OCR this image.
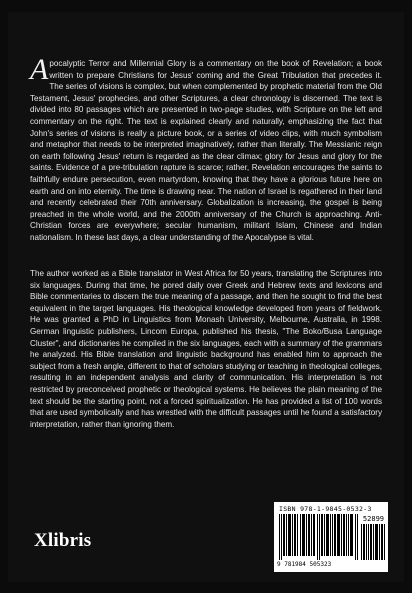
Apocalyptic Terror and Millennial Glory is a commentary on the book of Revelation; a book written to prepare Christians for Jesus' coming and the Great Tribulation that precedes it. The series of visions is complex, but when complemented by prophetic material from the Old Testament, Jesus' prophecies, and other Scriptures, a clear chronology is discerned. The text is divided into 80 passages which are presented in two-page studies, with Scripture on the left and commentary on the right. The text is explained clearly and naturally, emphasizing the fact that John's series of visions is really a picture book, or a series of video clips, with much symbolism and metaphor that needs to be interpreted imaginatively, rather than literally. The Messianic reign on earth following Jesus' return is regarded as the clear climax; glory for Jesus and glory for the saints. Evidence of a pre-tribulation rapture is scarce; rather, Revelation encourages the saints to faithfully endure persecution, even martyrdom, knowing that they have a glorious future here on earth and on into eternity. The time is drawing near. The nation of Israel is regathered in their land and recently celebrated their 70th anniversary. Globalization is increasing, the gospel is being preached in the whole world, and the 2000th anniversary of the Church is approaching. Anti-Christian forces are everywhere; secular humanism, militant Islam, Chinese and Indian nationalism. In these last days, a clear understanding of the Apocalypse is vital.
The author worked as a Bible translator in West Africa for 50 years, translating the Scriptures into six languages. During that time, he pored daily over Greek and Hebrew texts and lexicons and Bible commentaries to discern the true meaning of a passage, and then he sought to find the best equivalent in the target languages. His theological knowledge developed from years of fieldwork. He was granted a PhD in Linguistics from Monash University, Melbourne, Australia, in 1998. German linguistic publishers, Lincom Europa, published his thesis, "The Boko/Busa Language Cluster", and dictionaries he compiled in the six languages, each with a summary of the grammars he analyzed. His Bible translation and linguistic background has enabled him to approach the subject from a fresh angle, different to that of scholars studying or teaching in theological colleges, resulting in an independent analysis and clarity of communication. His interpretation is not restricted by preconceived prophetic or theological systems. He believes the plain meaning of the text should be the starting point, not a forced spiritualization. He has provided a list of 100 words that are used symbolically and has wrestled with the difficult passages until he found a satisfactory interpretation, rather than ignoring them.
Xlibris
ISBN 978-1-9845-0532-3
52899
9 781984 505323
